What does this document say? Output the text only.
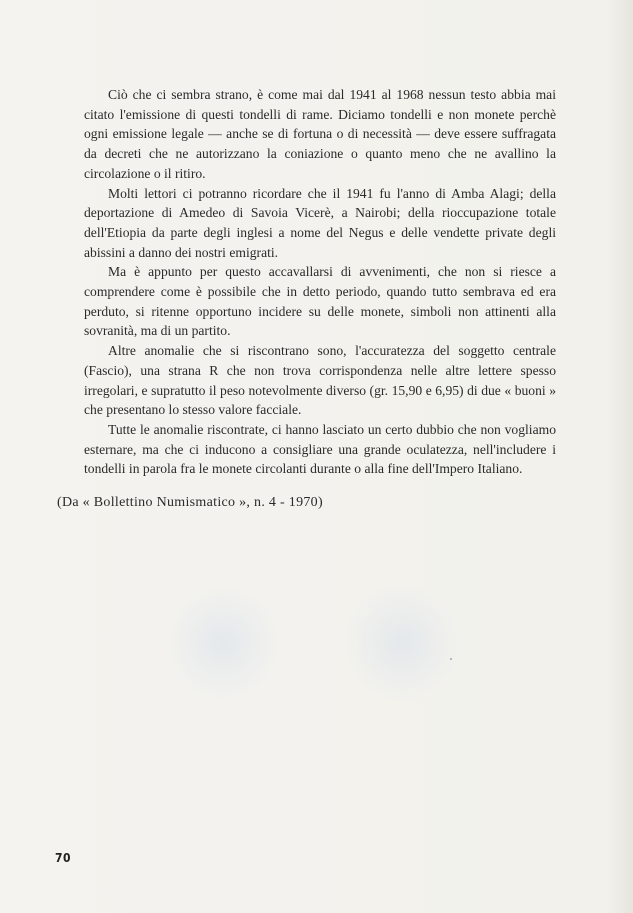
Ciò che ci sembra strano, è come mai dal 1941 al 1968 nessun testo abbia mai citato l'emissione di questi tondelli di rame. Diciamo tondelli e non monete perchè ogni emissione legale — anche se di fortuna o di necessità — deve essere suffragata da decreti che ne autorizzano la coniazione o quanto meno che ne avallino la circolazione o il ritiro.

Molti lettori ci potranno ricordare che il 1941 fu l'anno di Amba Alagi; della deportazione di Amedeo di Savoia Vicerè, a Nairobi; della rioccupazione totale dell'Etiopia da parte degli inglesi a nome del Negus e delle vendette private degli abissini a danno dei nostri emigrati.

Ma è appunto per questo accavallarsi di avvenimenti, che non si riesce a comprendere come è possibile che in detto periodo, quando tutto sembrava ed era perduto, si ritenne opportuno incidere su delle monete, simboli non attinenti alla sovranità, ma di un partito.

Altre anomalie che si riscontrano sono, l'accuratezza del soggetto centrale (Fascio), una strana R che non trova corrispondenza nelle altre lettere spesso irregolari, e supratutto il peso notevolmente diverso (gr. 15,90 e 6,95) di due « buoni » che presentano lo stesso valore facciale.

Tutte le anomalie riscontrate, ci hanno lasciato un certo dubbio che non vogliamo esternare, ma che ci inducono a consigliare una grande oculatezza, nell'includere i tondelli in parola fra le monete circolanti durante o alla fine dell'Impero Italiano.

(Da « Bollettino Numismatico », n. 4 - 1970)
70
